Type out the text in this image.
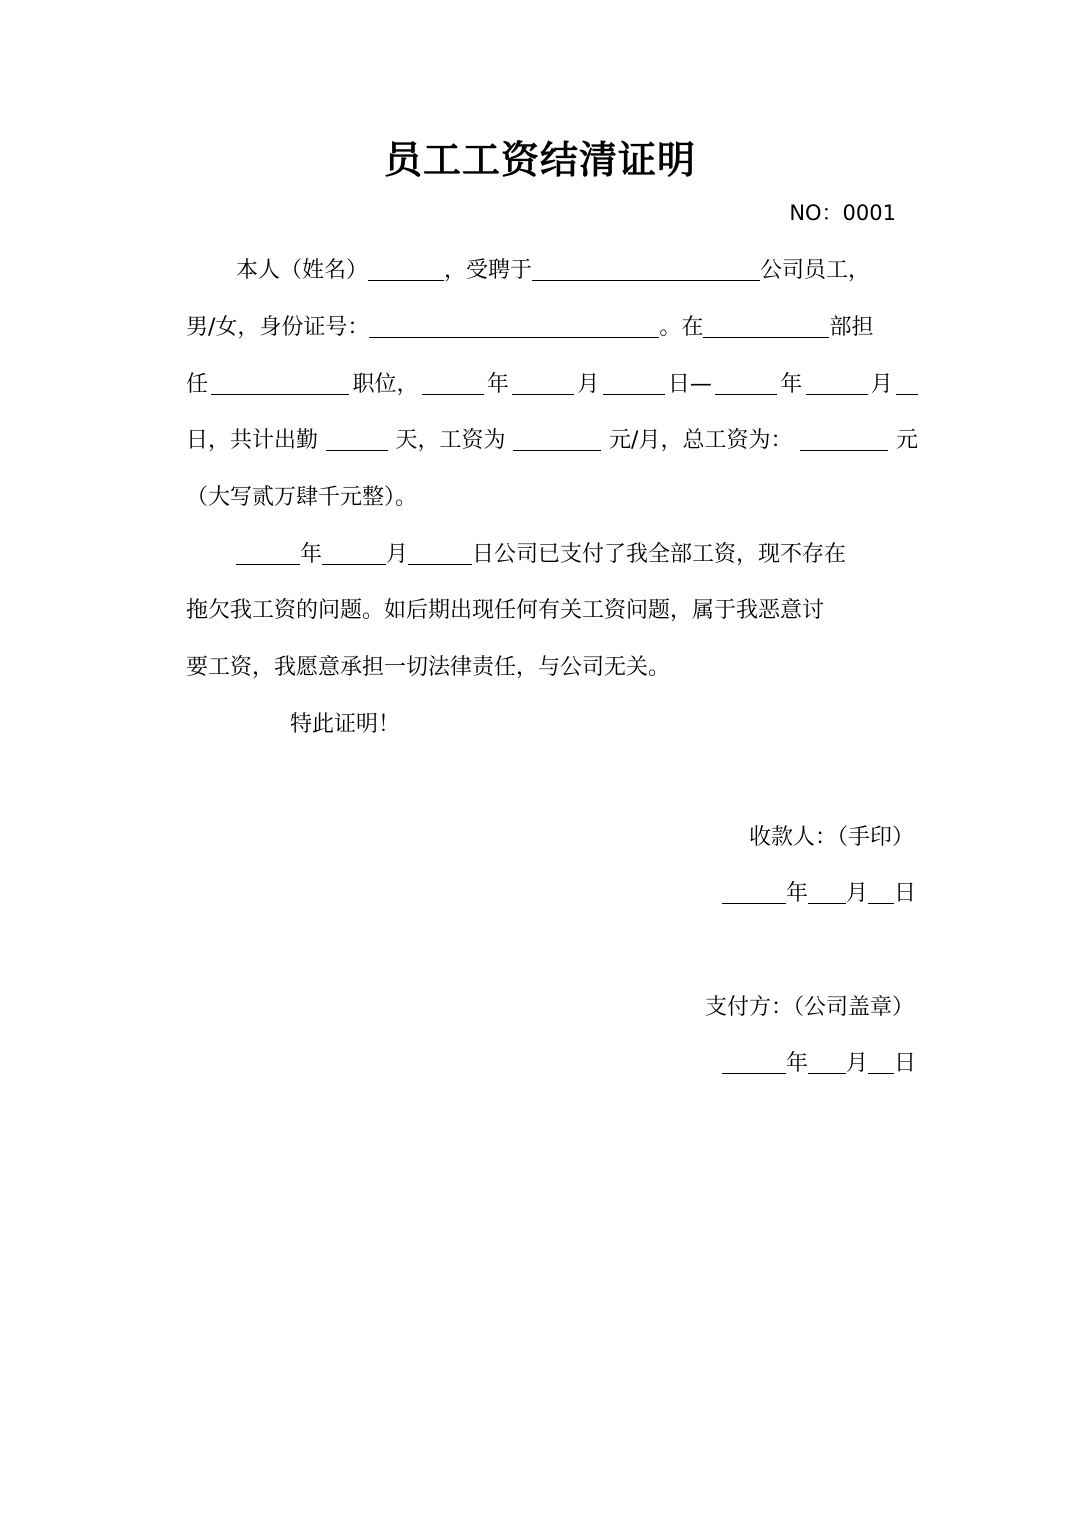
员工工资结清证明
NO：0001
本人（姓名）	，受聘于	公司员工，
男/女，身份证号：	。在	部担
任	职位，	年	月	日—	年	月
日，共计出勤	天，工资为	元/月，总工资为：	元
（大写贰万肆千元整）。
年	月	日公司已支付了我全部工资，现不存在
拖欠我工资的问题。如后期出现任何有关工资问题，属于我恶意讨
要工资，我愿意承担一切法律责任，与公司无关。
特此证明！
收款人：（手印）
年 月 日
支付方：（公司盖章）
年 月 日
